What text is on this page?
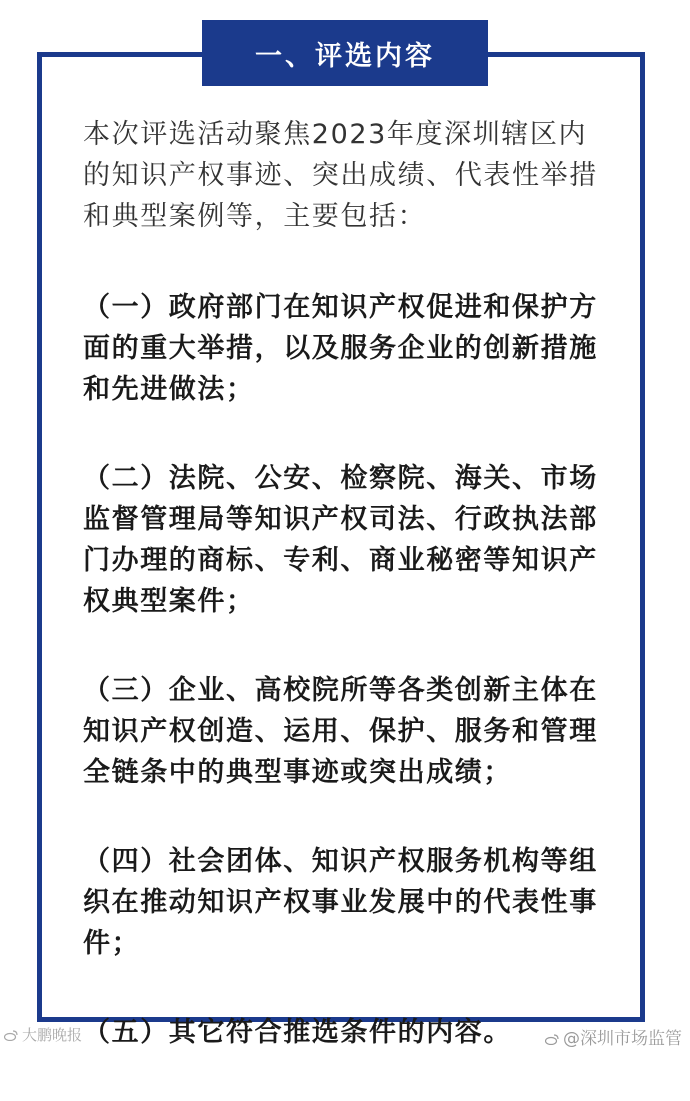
一、评选内容

本次评选活动聚焦2023年度深圳辖区内的知识产权事迹、突出成绩、代表性举措和典型案例等，主要包括：

（一）政府部门在知识产权促进和保护方面的重大举措，以及服务企业的创新措施和先进做法；

（二）法院、公安、检察院、海关、市场监督管理局等知识产权司法、行政执法部门办理的商标、专利、商业秘密等知识产权典型案件；

（三）企业、高校院所等各类创新主体在知识产权创造、运用、保护、服务和管理全链条中的典型事迹或突出成绩；

（四）社会团体、知识产权服务机构等组织在推动知识产权事业发展中的代表性事件；

（五）其它符合推选条件的内容。

大鹏晚报	@深圳市场监管
